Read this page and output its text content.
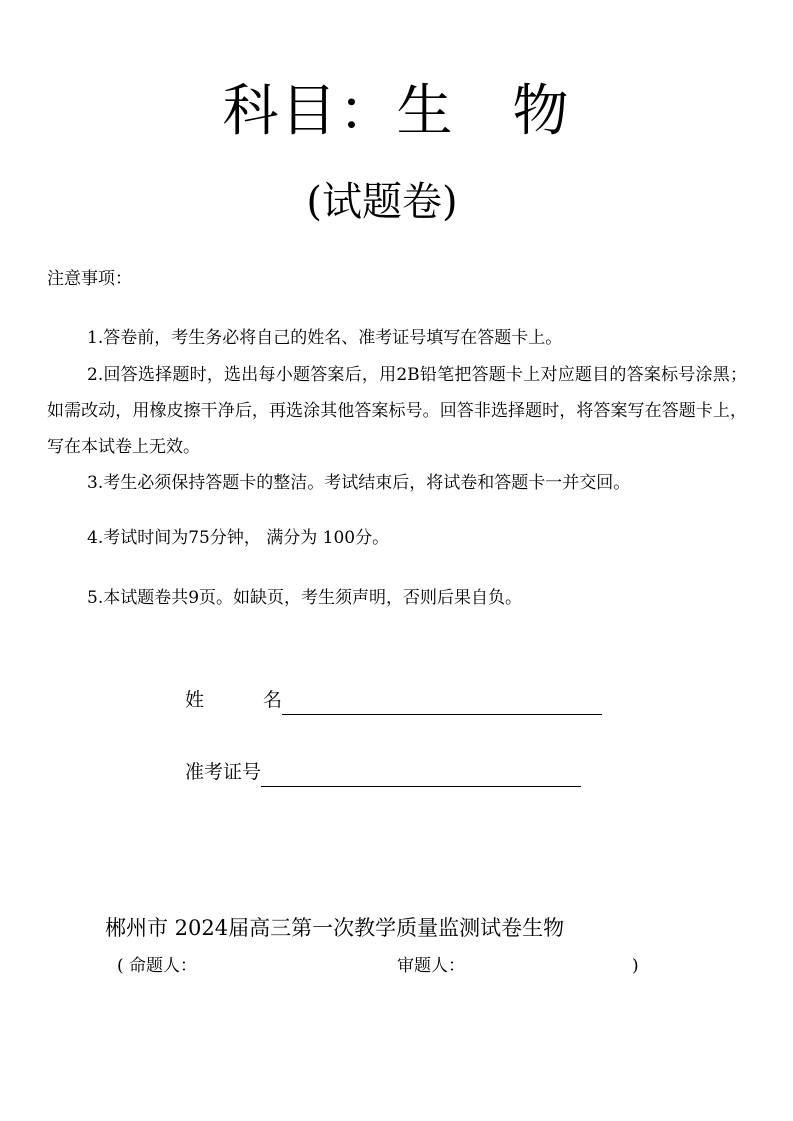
科目：生　物
(试题卷)
注意事项：
1.答卷前，考生务必将自己的姓名、准考证号填写在答题卡上。
2.回答选择题时，选出每小题答案后，用2B铅笔把答题卡上对应题目的答案标号涂黑； 如需改动，用橡皮擦干净后，再选涂其他答案标号。回答非选择题时，将答案写在答题卡上，写在本试卷上无效。
3.考生必须保持答题卡的整洁。考试结束后，将试卷和答题卡一并交回。
4.考试时间为75分钟， 满分为 100分。
5.本试题卷共9页。如缺页，考生须声明，否则后果自负。
姓	名
准考证号
郴州市 2024届高三第一次教学质量监测试卷生物
( 命题人：	审题人：	)
